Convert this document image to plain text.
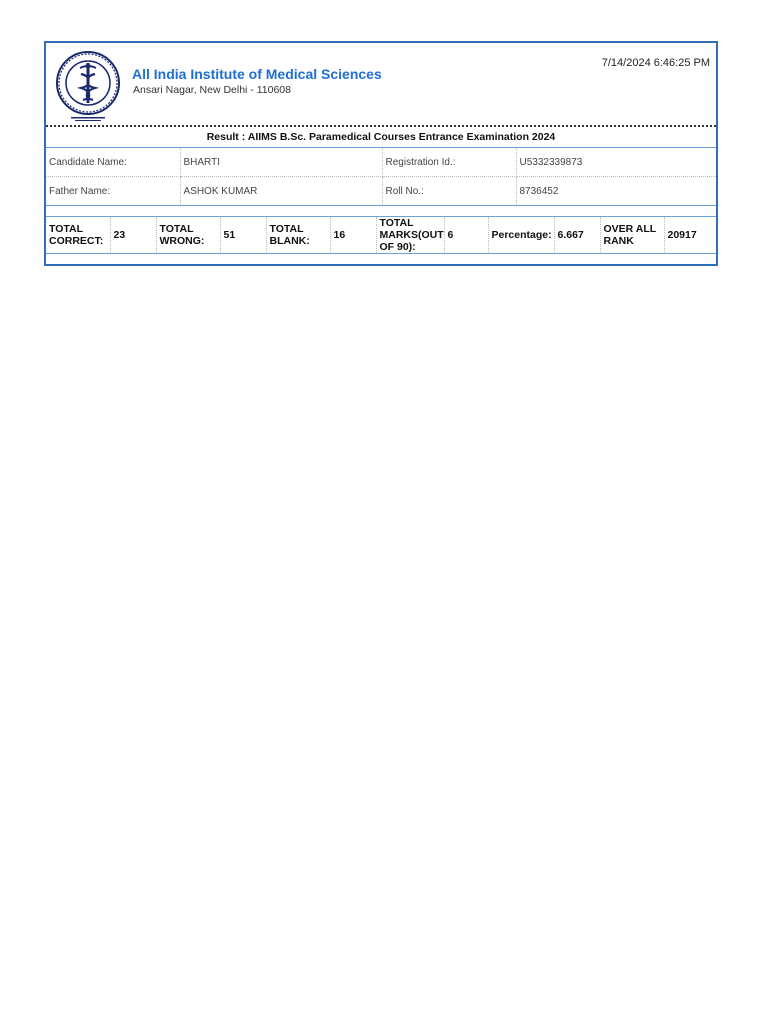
All India Institute of Medical Sciences
Ansari Nagar, New Delhi - 110608
7/14/2024 6:46:25 PM
Result : AIIMS B.Sc. Paramedical Courses Entrance Examination 2024
Candidate Name:	BHARTI	Registration Id.:	U5332339873
Father Name:	ASHOK KUMAR	Roll No.:	8736452
TOTAL CORRECT:	23	TOTAL WRONG:	51	TOTAL BLANK:	16	TOTAL MARKS(OUT OF 90):	6	Percentage:	6.667	OVER ALL RANK	20917
